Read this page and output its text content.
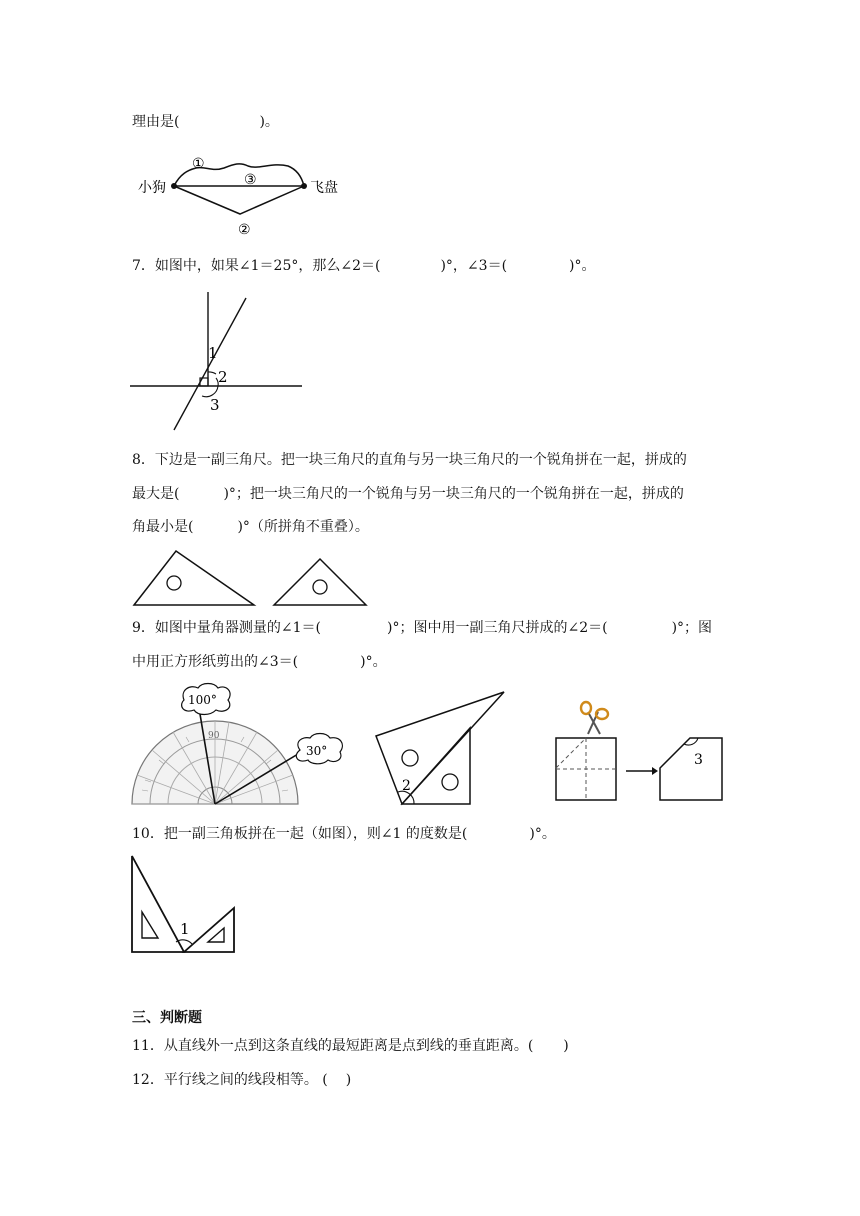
理由是(	)。
小狗	飞盘
①
③
②
7．如图中，如果∠1＝25°，那么∠2＝(	)°，∠3＝(	)°。
1
2
3
8．下边是一副三角尺。把一块三角尺的直角与另一块三角尺的一个锐角拼在一起，拼成的
最大是(	)°；把一块三角尺的一个锐角与另一块三角尺的一个锐角拼在一起，拼成的
角最小是(	)°（所拼角不重叠）。
9．如图中量角器测量的∠1＝(	)°；图中用一副三角尺拼成的∠2＝(	)°；图
中用正方形纸剪出的∠3＝(	)°。
90
100°
30°
2
3
10．把一副三角板拼在一起（如图），则∠1 的度数是(	)°。
1
三、判断题
11．从直线外一点到这条直线的最短距离是点到线的垂直距离。( )
12．平行线之间的线段相等。 ( )
